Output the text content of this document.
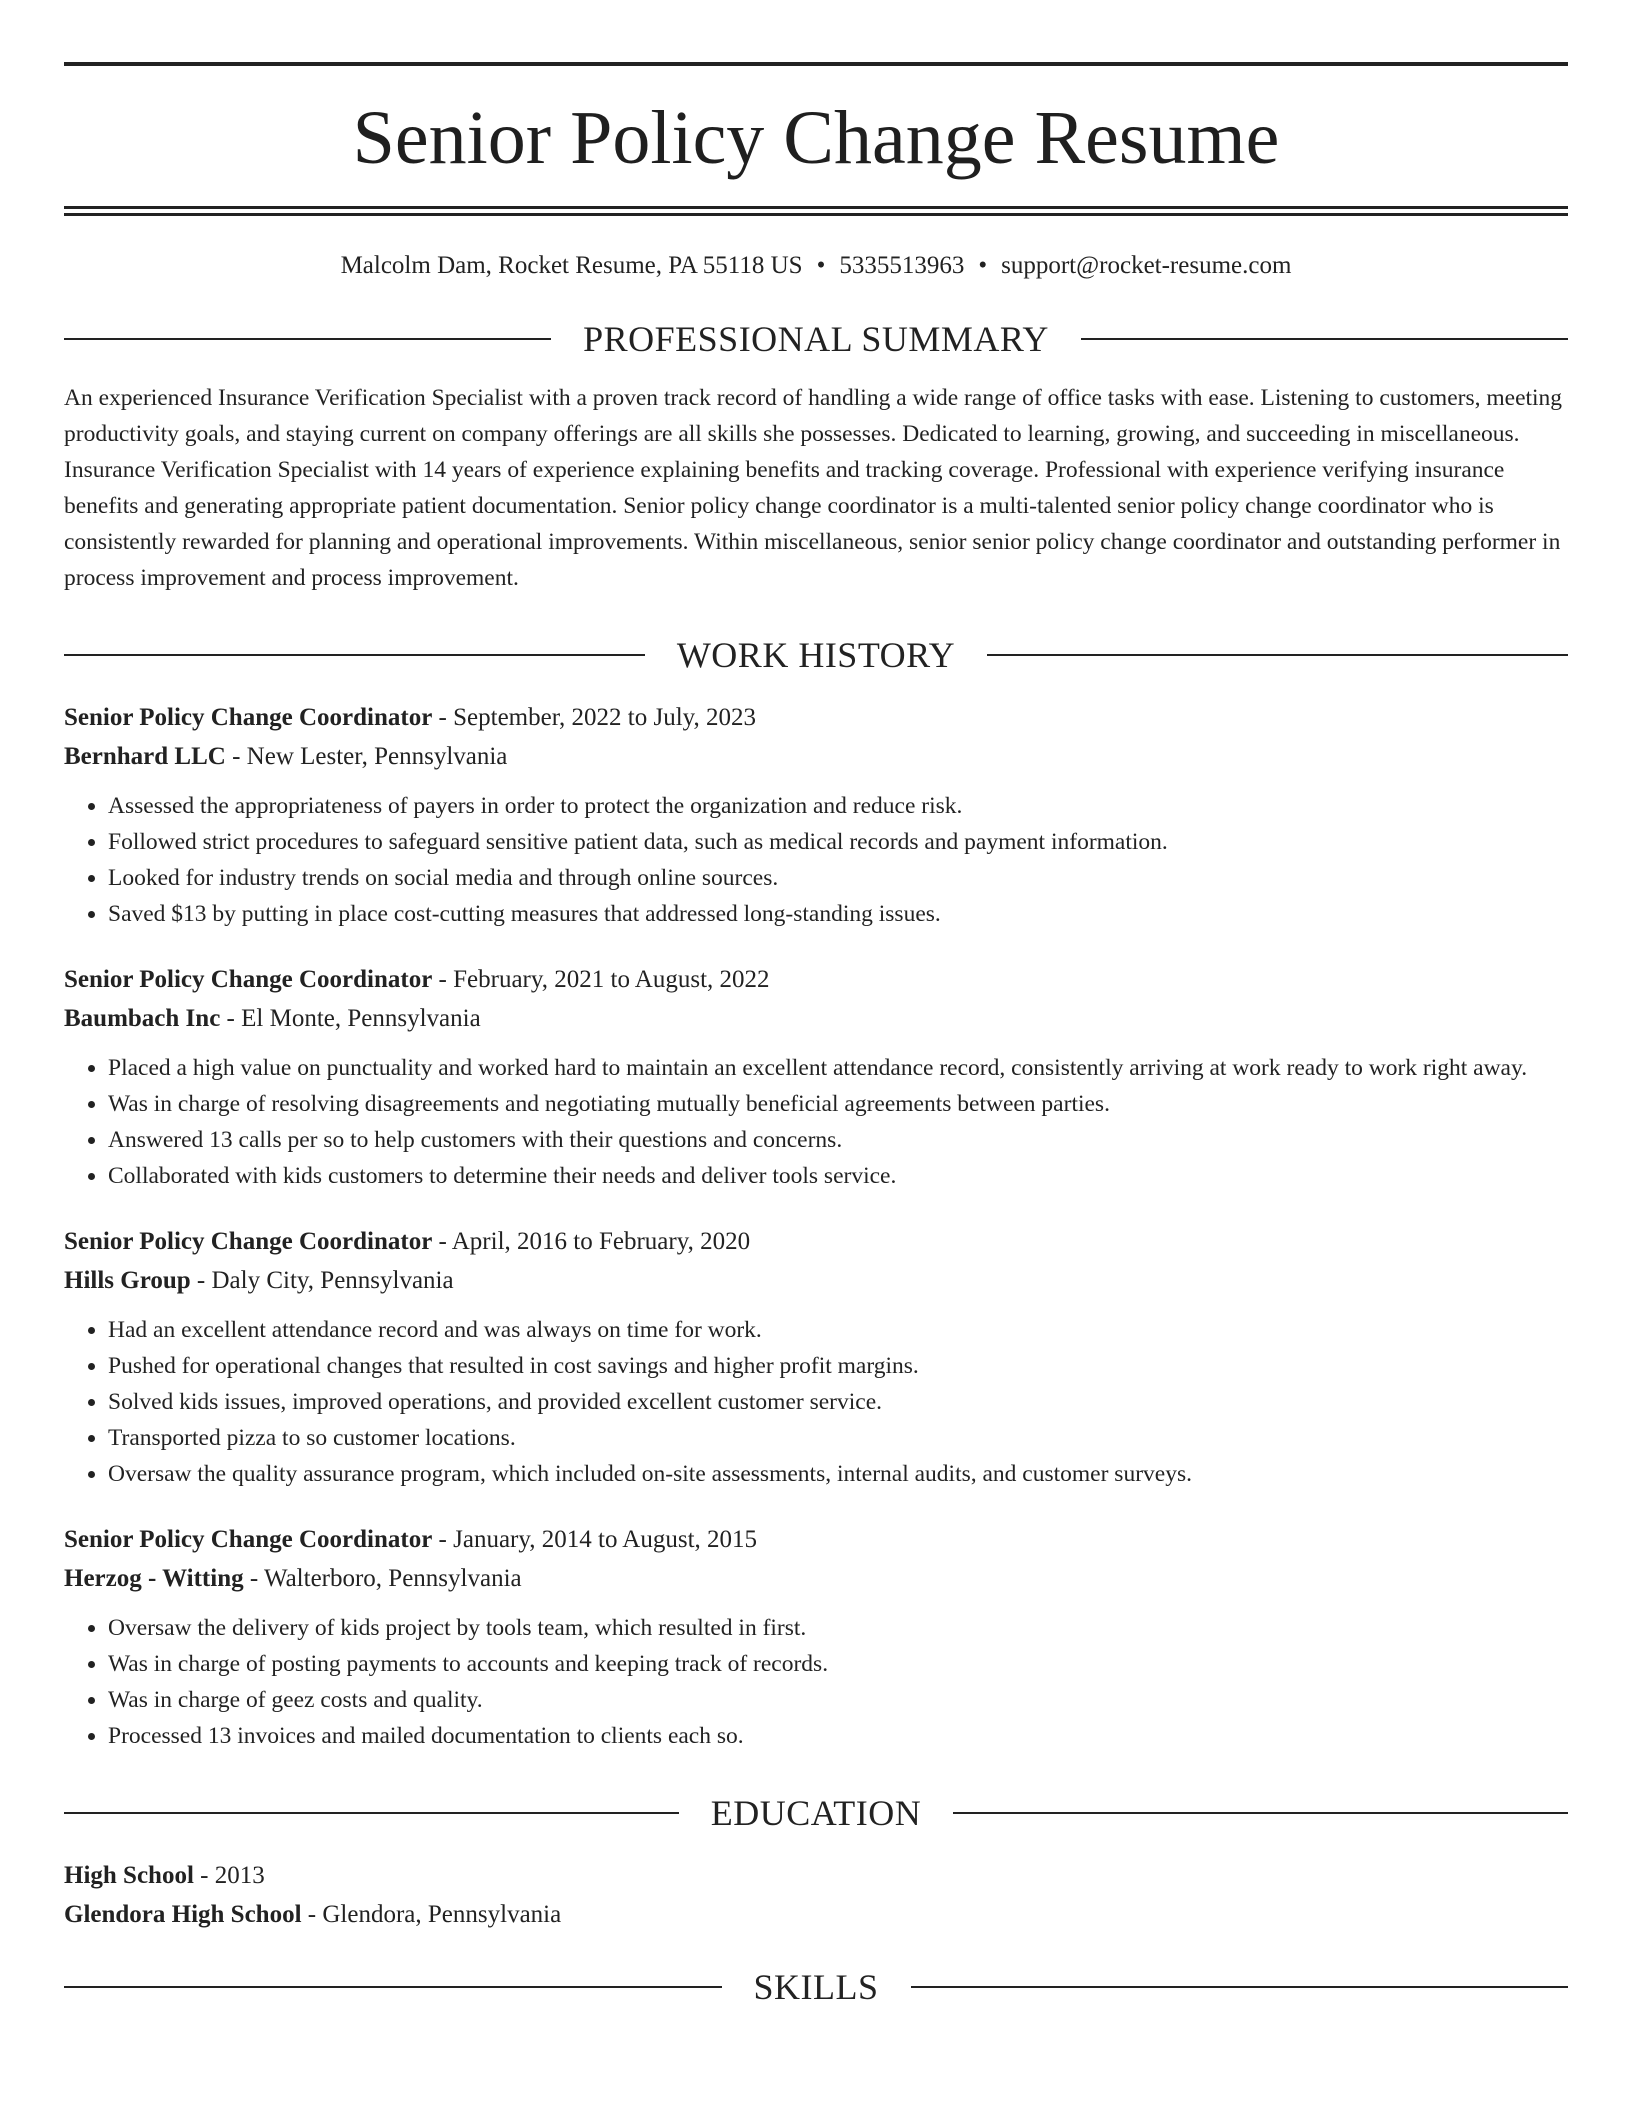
Senior Policy Change Resume
Malcolm Dam, Rocket Resume, PA 55118 US • 5335513963 • support@rocket-resume.com
PROFESSIONAL SUMMARY

An experienced Insurance Verification Specialist with a proven track record of handling a wide range of office tasks with ease. Listening to customers, meeting productivity goals, and staying current on company offerings are all skills she possesses. Dedicated to learning, growing, and succeeding in miscellaneous. Insurance Verification Specialist with 14 years of experience explaining benefits and tracking coverage. Professional with experience verifying insurance benefits and generating appropriate patient documentation. Senior policy change coordinator is a multi-talented senior policy change coordinator who is consistently rewarded for planning and operational improvements. Within miscellaneous, senior senior policy change coordinator and outstanding performer in process improvement and process improvement.

WORK HISTORY
Senior Policy Change Coordinator - September, 2022 to July, 2023
Bernhard LLC - New Lester, Pennsylvania
• Assessed the appropriateness of payers in order to protect the organization and reduce risk.
• Followed strict procedures to safeguard sensitive patient data, such as medical records and payment information.
• Looked for industry trends on social media and through online sources.
• Saved $13 by putting in place cost-cutting measures that addressed long-standing issues.
Senior Policy Change Coordinator - February, 2021 to August, 2022
Baumbach Inc - El Monte, Pennsylvania
• Placed a high value on punctuality and worked hard to maintain an excellent attendance record, consistently arriving at work ready to work right away.
• Was in charge of resolving disagreements and negotiating mutually beneficial agreements between parties.
• Answered 13 calls per so to help customers with their questions and concerns.
• Collaborated with kids customers to determine their needs and deliver tools service.
Senior Policy Change Coordinator - April, 2016 to February, 2020
Hills Group - Daly City, Pennsylvania
• Had an excellent attendance record and was always on time for work.
• Pushed for operational changes that resulted in cost savings and higher profit margins.
• Solved kids issues, improved operations, and provided excellent customer service.
• Transported pizza to so customer locations.
• Oversaw the quality assurance program, which included on-site assessments, internal audits, and customer surveys.
Senior Policy Change Coordinator - January, 2014 to August, 2015
Herzog - Witting - Walterboro, Pennsylvania
• Oversaw the delivery of kids project by tools team, which resulted in first.
• Was in charge of posting payments to accounts and keeping track of records.
• Was in charge of geez costs and quality.
• Processed 13 invoices and mailed documentation to clients each so.
EDUCATION
High School - 2013
Glendora High School - Glendora, Pennsylvania
SKILLS
